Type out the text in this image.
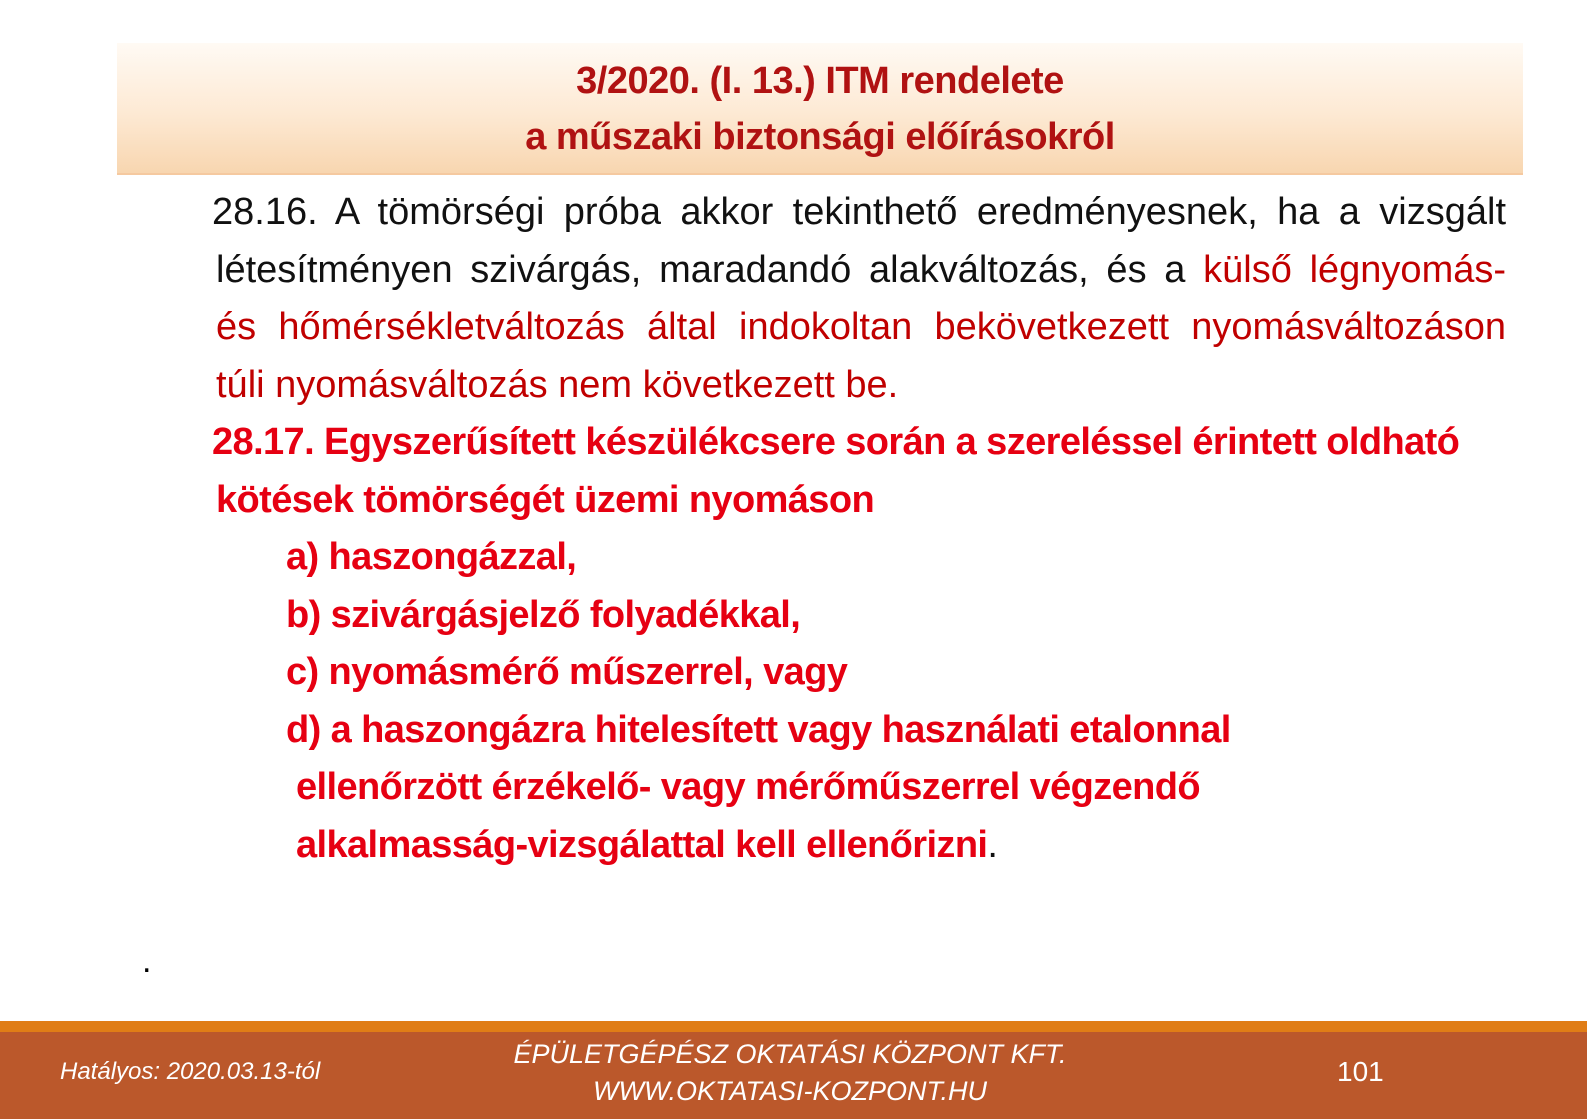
3/2020. (I. 13.) ITM rendelete
a műszaki biztonsági előírásokról

28.16. A tömörségi próba akkor tekinthető eredményesnek, ha a vizsgált létesítményen szivárgás, maradandó alakváltozás, és a külső légnyomás- és hőmérsékletváltozás által indokoltan bekövetkezett nyomásváltozáson túli nyomásváltozás nem következett be.

28.17. Egyszerűsített készülékcsere során a szereléssel érintett oldható kötések tömörségét üzemi nyomáson

a) haszongázzal,
b) szivárgásjelző folyadékkal,
c) nyomásmérő műszerrel, vagy
d) a haszongázra hitelesített vagy használati etalonnal
ellenőrzött érzékelő- vagy mérőműszerrel végzendő
alkalmasság-vizsgálattal kell ellenőrizni.
.
Hatályos: 2020.03.13-tól
ÉPÜLETGÉPÉSZ OKTATÁSI KÖZPONT KFT.
WWW.OKTATASI-KOZPONT.HU
101
